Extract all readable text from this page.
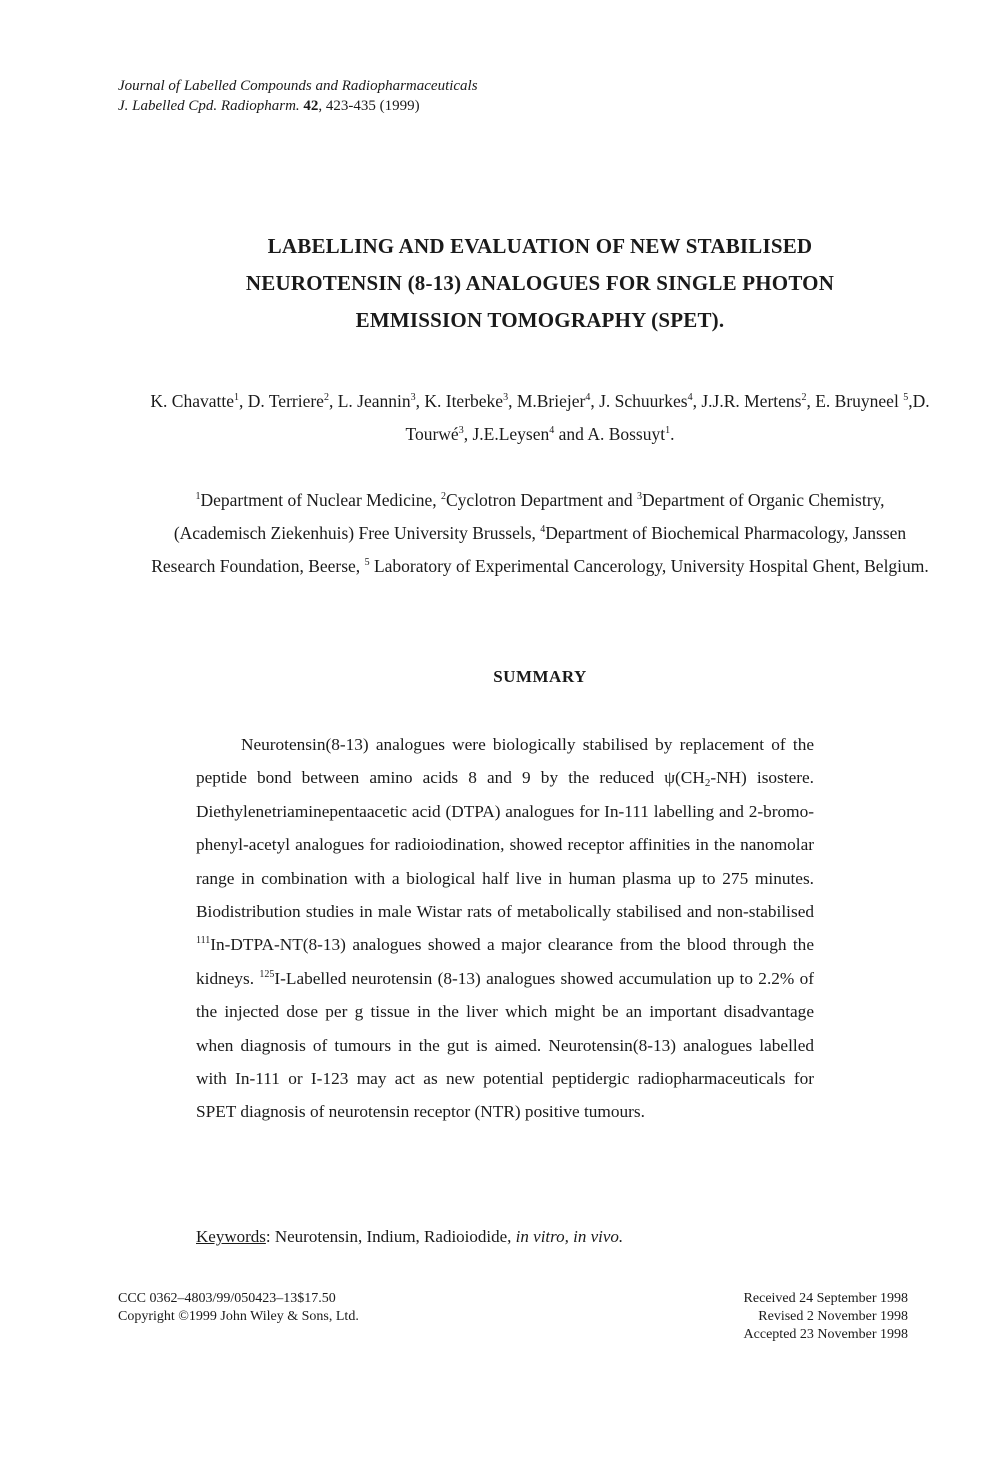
Journal of Labelled Compounds and Radiopharmaceuticals
J. Labelled Cpd. Radiopharm. 42, 423-435 (1999)
LABELLING AND EVALUATION OF NEW STABILISED
NEUROTENSIN (8-13) ANALOGUES FOR SINGLE PHOTON
EMMISSION TOMOGRAPHY (SPET).
K. Chavatte$^1$, D. Terriere$^2$, L. Jeannin$^3$, K. Iterbeke$^3$, M.Briejer$^4$, J. Schuurkes$^4$, J.J.R. Mertens$^2$, E. Bruyneel $^5$,D. Tourwé$^3$, J.E.Leysen$^4$ and A. Bossuyt$^1$.
$^1$Department of Nuclear Medicine, $^2$Cyclotron Department and $^3$Department of Organic Chemistry, (Academisch Ziekenhuis) Free University Brussels, $^4$Department of Biochemical Pharmacology, Janssen Research Foundation, Beerse, $^5$ Laboratory of Experimental Cancerology, University Hospital Ghent, Belgium.
SUMMARY

Neurotensin(8-13) analogues were biologically stabilised by replacement of the peptide bond between amino acids 8 and 9 by the reduced $\psi(CH_2-NH)$ isostere. Diethylenetriaminepentaacetic acid (DTPA) analogues for In-111 labelling and 2-bromo-phenyl-acetyl analogues for radioiodination, showed receptor affinities in the nanomolar range in combination with a biological half live in human plasma up to 275 minutes. Biodistribution studies in male Wistar rats of metabolically stabilised and non-stabilised $^{111}$In-DTPA-NT(8-13) analogues showed a major clearance from the blood through the kidneys. $^{125}$I-Labelled neurotensin (8-13) analogues showed accumulation up to 2.2% of the injected dose per g tissue in the liver which might be an important disadvantage when diagnosis of tumours in the gut is aimed. Neurotensin(8-13) analogues labelled with In-111 or I-123 may act as new potential peptidergic radiopharmaceuticals for SPET diagnosis of neurotensin receptor (NTR) positive tumours.

Keywords: Neurotensin, Indium, Radioiodide, in vitro, in vivo.
CCC 0362–4803/99/050423–13$17.50
Copyright ©1999 John Wiley & Sons, Ltd.
Received 24 September 1998
Revised 2 November 1998
Accepted 23 November 1998
